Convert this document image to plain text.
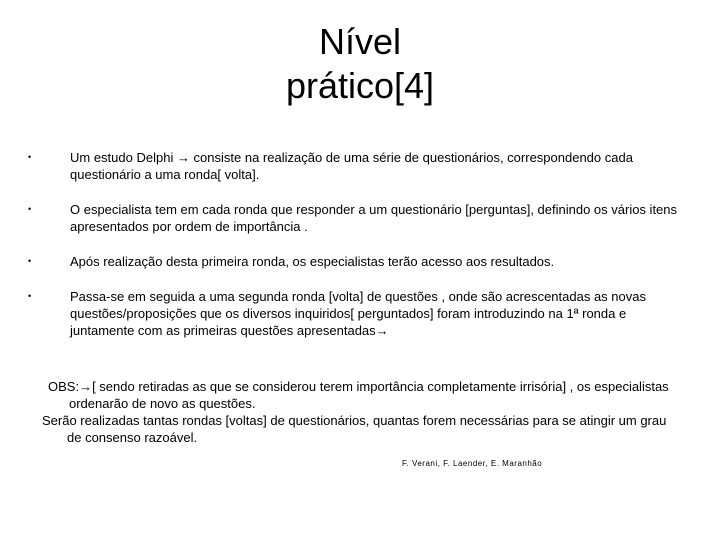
Nível
prático[4]
•	Um estudo Delphi → consiste na realização de uma série de questionários, correspondendo cada questionário a uma ronda[ volta].
•	O especialista tem em cada ronda que responder a um questionário [perguntas], definindo os vários itens apresentados por ordem de importância .
•	Após realização desta primeira ronda, os especialistas terão acesso aos resultados.
•	Passa-se em seguida a uma segunda ronda [volta] de questões , onde são acrescentadas as novas questões/proposições que os diversos inquiridos[ perguntados] foram introduzindo na 1ª ronda e juntamente com as primeiras questões apresentadas→

OBS:→[ sendo retiradas as que se considerou terem importância completamente irrisória] , os especialistas ordenarão de novo as questões.

Serão realizadas tantas rondas [voltas] de questionários, quantas forem necessárias para se atingir um grau de consenso razoável.

F. Verani, F. Laender, E. Maranhão
